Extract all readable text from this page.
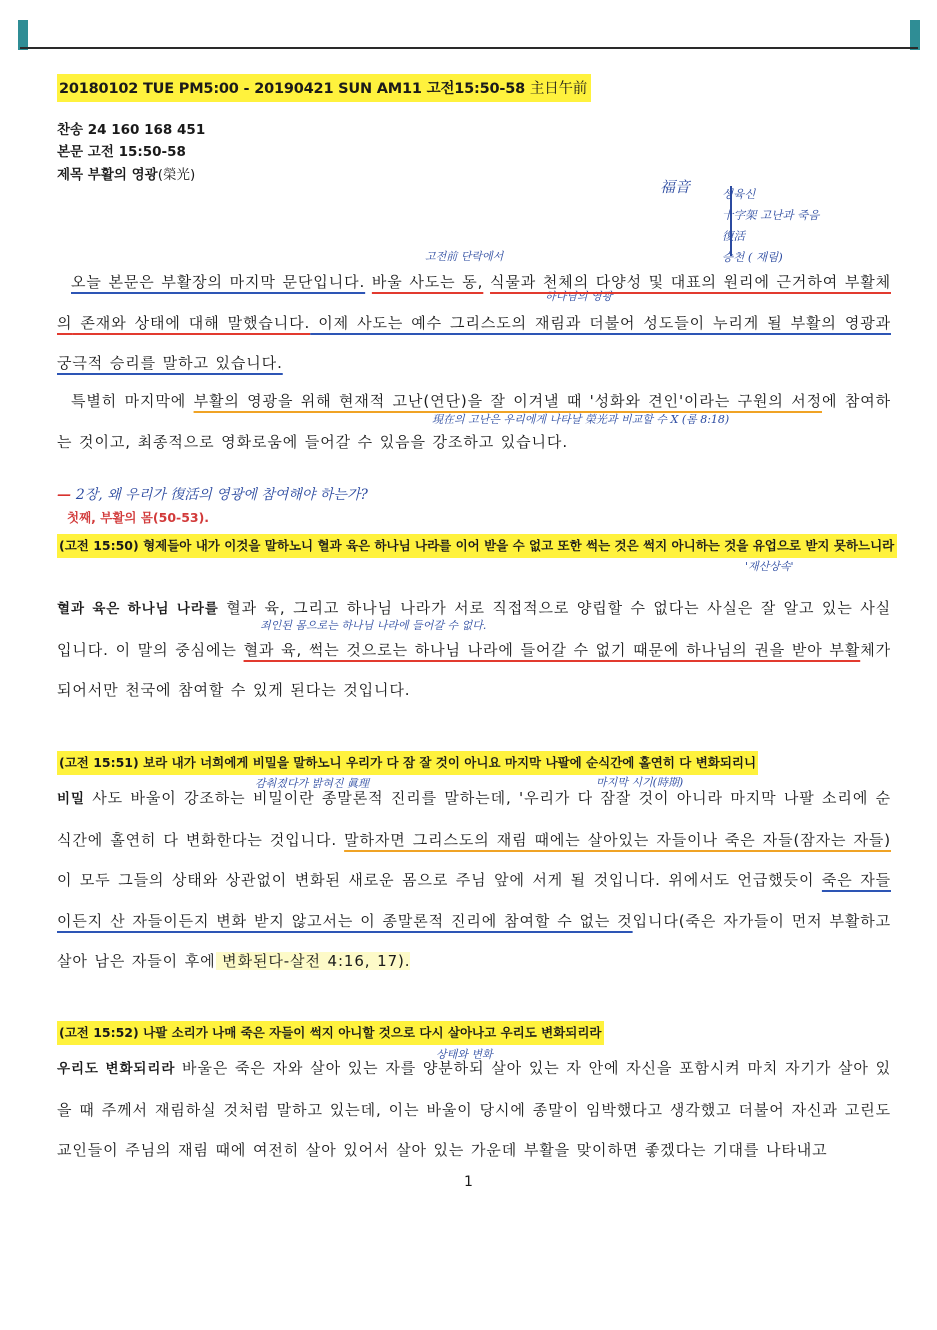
20180102 TUE PM5:00 - 20190421 SUN AM11 고전15:50-58 主日午前
찬송 24 160 168 451
본문 고전 15:50-58
제목 부활의 영광(榮光)
福音	성육신
十字架 고난과 죽음
復活
승천 ( 재림)
고전前 단락에서
하나님의 영광

오늘 본문은 부활장의 마지막 문단입니다. 바울 사도는 동, 식물과 천체의 다양성 및 대표의 원리에 근거하여 부활체의 존재와 상태에 대해 말했습니다. 이제 사도는 예수 그리스도의 재림과 더불어 성도들이 누리게 될 부활의 영광과 궁극적 승리를 말하고 있습니다.

특별히 마지막에 부활의 영광을 위해 현재적 고난(연단)을 잘 이겨낼 때 '성화와 견인'이라는 구원의 서정에 참여하는 것이고, 최종적으로 영화로움에 들어갈 수 있음을 강조하고 있습니다.

現在의 고난은 우리에게 나타날 榮光과 비교할 수 X (롬 8:18)
— 2장, 왜 우리가 復活의 영광에 참여해야 하는가?
첫째, 부활의 몸(50-53).
(고전 15:50) 형제들아 내가 이것을 말하노니 혈과 육은 하나님 나라를 이어 받을 수 없고 또한 썩는 것은 썩지 아니하는 것을 유업으로 받지 못하느니라
'재산상속'

혈과 육은 하나님 나라를 혈과 육, 그리고 하나님 나라가 서로 직접적으로 양립할 수 없다는 사실은 잘 알고 있는 사실입니다. 이 말의 중심에는 혈과 육, 썩는 것으로는 하나님 나라에 들어갈 수 없기 때문에 하나님의 권을 받아 부활체가 되어서만 천국에 참여할 수 있게 된다는 것입니다.

죄인된 몸으로는 하나님 나라에 들어갈 수 없다.
(고전 15:51) 보라 내가 너희에게 비밀을 말하노니 우리가 다 잠 잘 것이 아니요 마지막 나팔에 순식간에 홀연히 다 변화되리니
감춰졌다가 밝혀진 眞理	마지막 시기(時期)

비밀 사도 바울이 강조하는 비밀이란 종말론적 진리를 말하는데, '우리가 다 잠잘 것이 아니라 마지막 나팔 소리에 순식간에 홀연히 다 변화한다는 것입니다. 말하자면 그리스도의 재림 때에는 살아있는 자들이나 죽은 자들(잠자는 자들)이 모두 그들의 상태와 상관없이 변화된 새로운 몸으로 주님 앞에 서게 될 것입니다. 위에서도 언급했듯이 죽은 자들이든지 산 자들이든지 변화 받지 않고서는 이 종말론적 진리에 참여할 수 없는 것입니다(죽은 자가들이 먼저 부활하고 살아 남은 자들이 후에 변화된다-살전 4:16, 17).

(고전 15:52) 나팔 소리가 나매 죽은 자들이 썩지 아니할 것으로 다시 살아나고 우리도 변화되리라
상태와 변화

우리도 변화되리라 바울은 죽은 자와 살아 있는 자를 양분하되 살아 있는 자 안에 자신을 포함시켜 마치 자기가 살아 있을 때 주께서 재림하실 것처럼 말하고 있는데, 이는 바울이 당시에 종말이 임박했다고 생각했고 더불어 자신과 고린도 교인들이 주님의 재림 때에 여전히 살아 있어서 살아 있는 가운데 부활을 맞이하면 좋겠다는 기대를 나타내고

1
